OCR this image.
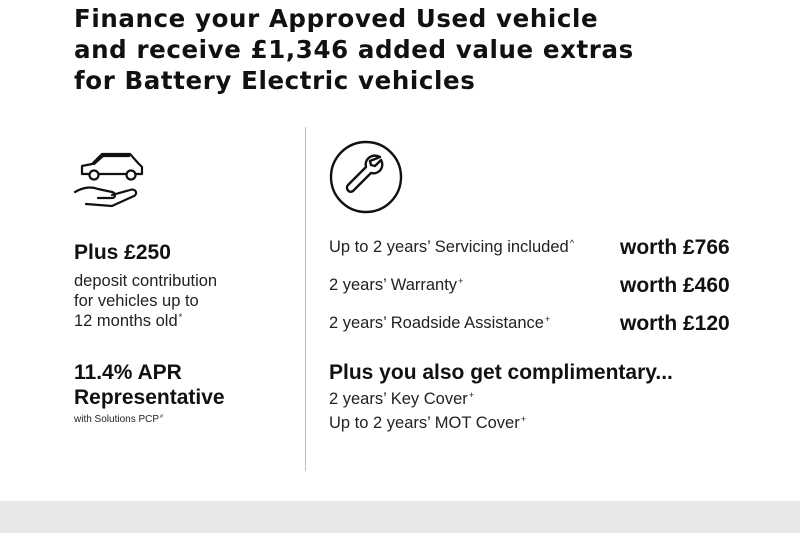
Finance your Approved Used vehicle
and receive £1,346 added value extras
for Battery Electric vehicles
Plus £250
deposit contribution
for vehicles up to
12 months old*
11.4% APR
Representative
with Solutions PCP#
Up to 2 years’ Servicing included^ worth £766
2 years’ Warranty+	worth £460
2 years’ Roadside Assistance+	worth £120
Plus you also get complimentary...
2 years’ Key Cover+
Up to 2 years’ MOT Cover+
